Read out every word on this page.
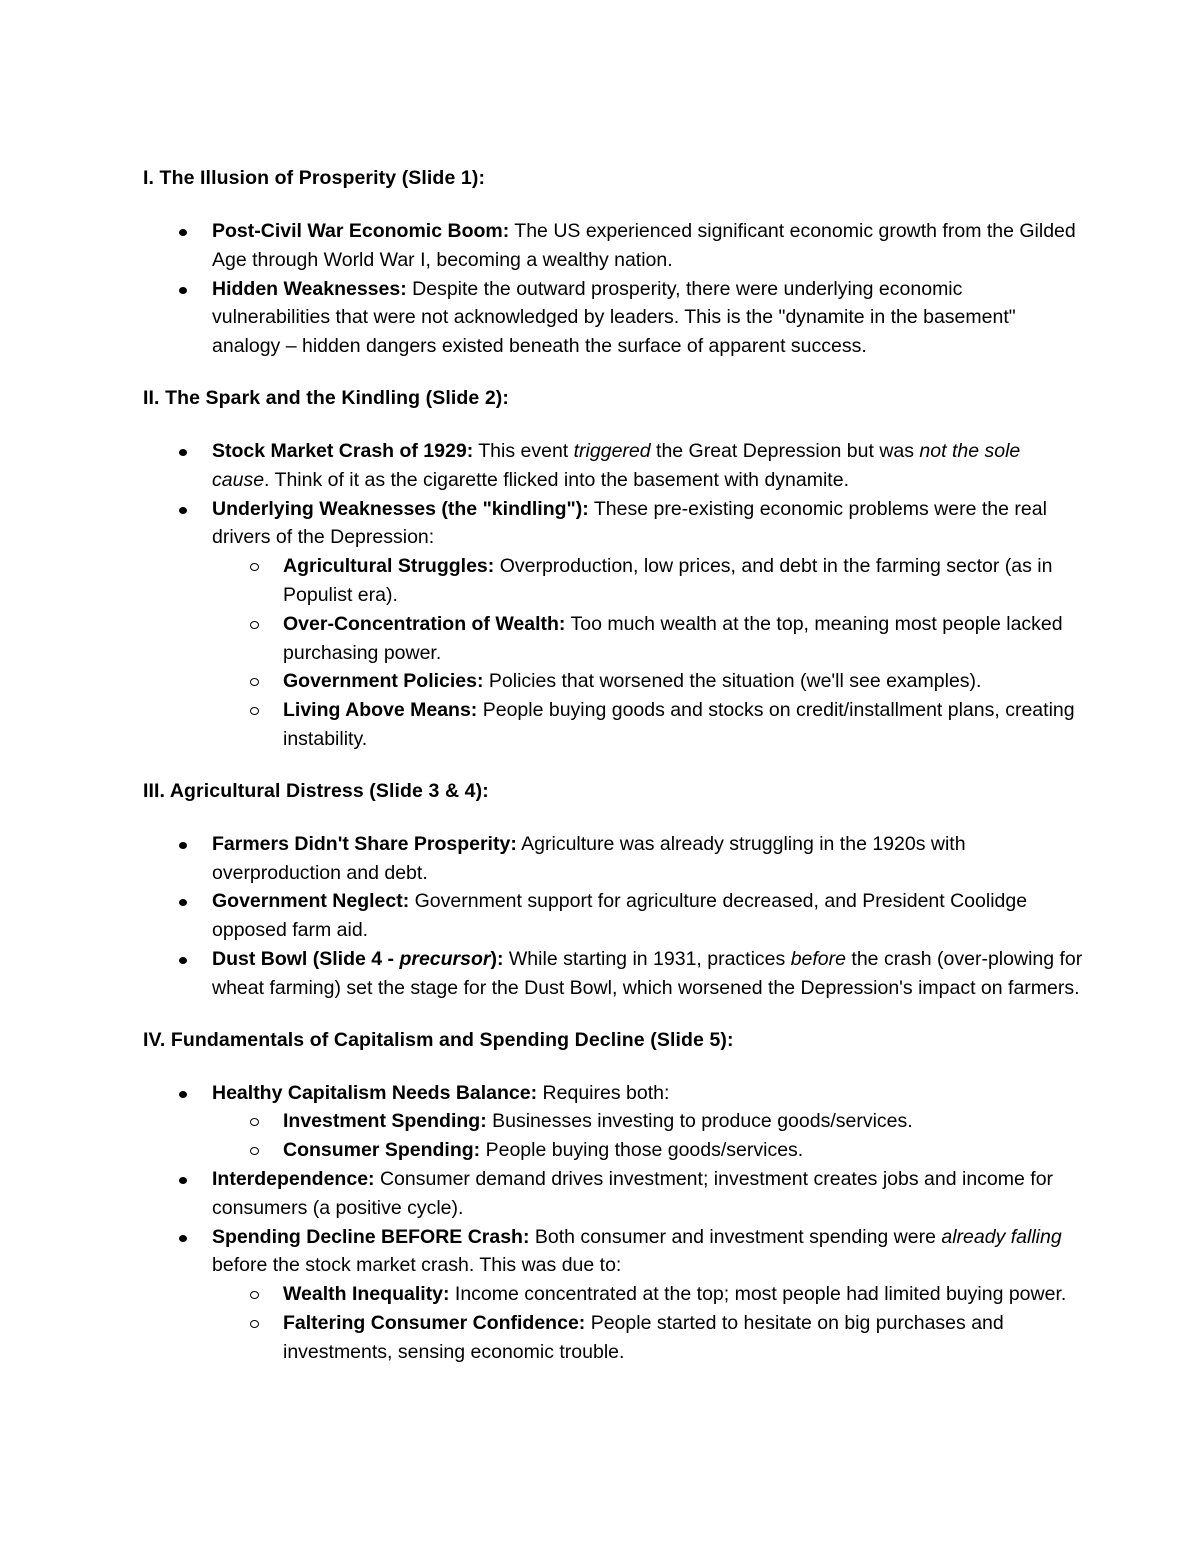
I. The Illusion of Prosperity (Slide 1):
Post-Civil War Economic Boom: The US experienced significant economic growth from the Gilded Age through World War I, becoming a wealthy nation.
Hidden Weaknesses: Despite the outward prosperity, there were underlying economic vulnerabilities that were not acknowledged by leaders. This is the "dynamite in the basement" analogy – hidden dangers existed beneath the surface of apparent success.
II. The Spark and the Kindling (Slide 2):
Stock Market Crash of 1929: This event triggered the Great Depression but was not the sole cause. Think of it as the cigarette flicked into the basement with dynamite.
Underlying Weaknesses (the "kindling"): These pre-existing economic problems were the real drivers of the Depression:
Agricultural Struggles: Overproduction, low prices, and debt in the farming sector (as in Populist era).
Over-Concentration of Wealth: Too much wealth at the top, meaning most people lacked purchasing power.
Government Policies: Policies that worsened the situation (we'll see examples).
Living Above Means: People buying goods and stocks on credit/installment plans, creating instability.
III. Agricultural Distress (Slide 3 & 4):
Farmers Didn't Share Prosperity: Agriculture was already struggling in the 1920s with overproduction and debt.
Government Neglect: Government support for agriculture decreased, and President Coolidge opposed farm aid.
Dust Bowl (Slide 4 - precursor): While starting in 1931, practices before the crash (over-plowing for wheat farming) set the stage for the Dust Bowl, which worsened the Depression's impact on farmers.
IV. Fundamentals of Capitalism and Spending Decline (Slide 5):
Healthy Capitalism Needs Balance: Requires both:
Investment Spending: Businesses investing to produce goods/services.
Consumer Spending: People buying those goods/services.
Interdependence: Consumer demand drives investment; investment creates jobs and income for consumers (a positive cycle).
Spending Decline BEFORE Crash: Both consumer and investment spending were already falling before the stock market crash. This was due to:
Wealth Inequality: Income concentrated at the top; most people had limited buying power.
Faltering Consumer Confidence: People started to hesitate on big purchases and investments, sensing economic trouble.
